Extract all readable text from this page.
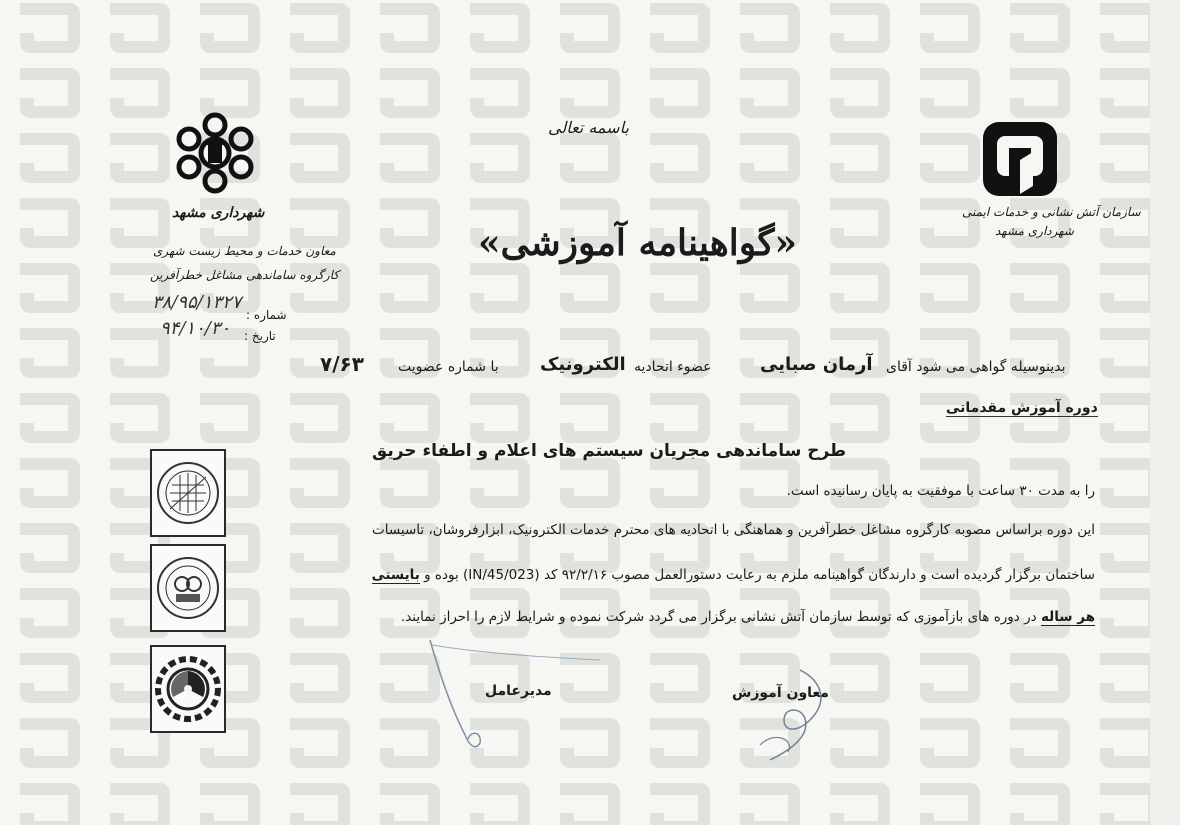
باسمه تعالی
«گواهینامه آموزشی»
سازمان آتش نشانی و خدمات ایمنی
شهرداری مشهد
شهرداری مشهد
معاون خدمات و محیط زیست شهری
کارگروه ساماندهی مشاغل خطرآفرین
شماره :
۳۸/۹۵/۱۳۲۷
تاریخ :
۹۴/۱۰/۳۰
بدینوسیله گواهی می شود آقای
آرمان صبایی
عضوء اتحادیه
الکترونیک
با شماره عضویت
۷/۶۳
دوره آموزش مقدماتی
طرح ساماندهی مجریان سیستم های اعلام و اطفاء حریق
را به مدت ۳۰ ساعت با موفقیت به پایان رسانیده است.
این دوره براساس مصوبه کارگروه مشاغل خطرآفرین و هماهنگی با اتحادیه های محترم خدمات الکترونیک، ابزارفروشان، تاسیسات
ساختمان برگزار گردیده است و دارندگان گواهینامه ملزم به رعایت دستورالعمل مصوب ۹۲/۲/۱۶ کد (IN/45/023) بوده و بایستی
هر ساله در دوره های بازآموزی که توسط سازمان آتش نشانی برگزار می گردد شرکت نموده و شرایط لازم را احراز نمایند.
معاون آموزش
مدیرعامل
